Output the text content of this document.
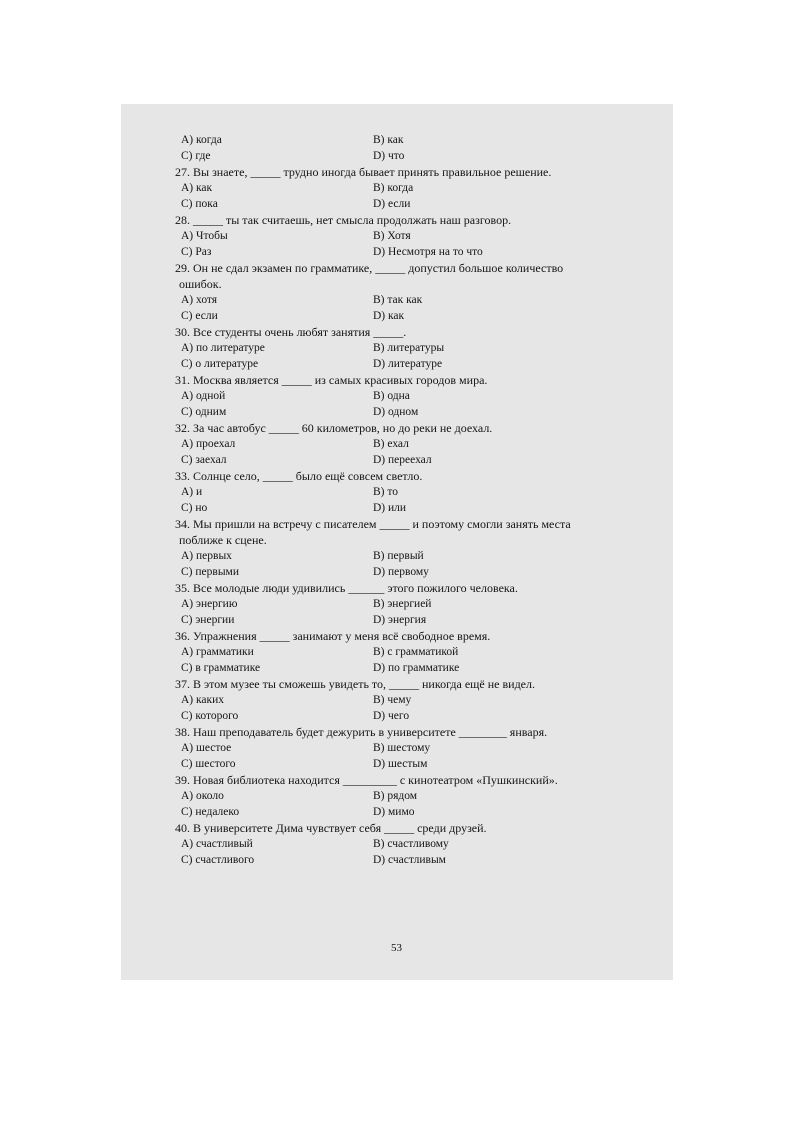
A) когда	B) как
C) где	D) что

27. Вы знаете, _____ трудно иногда бывает принять правильное решение.

A) как	B) когда
C) пока	D) если

28. _____ ты так считаешь, нет смысла продолжать наш разговор.

A) Чтобы	B) Хотя
C) Раз	D) Несмотря на то что

29. Он не сдал экзамен по грамматике, _____ допустил большое количество

ошибок.

A) хотя	B) так как
C) если	D) как

30. Все студенты очень любят занятия _____.

A) по литературе	B) литературы
C) о литературе	D) литературе

31. Москва является _____ из самых красивых городов мира.

A) одной	B) одна
C) одним	D) одном

32. За час автобус _____ 60 километров, но до реки не доехал.

A) проехал	B) ехал
C) заехал	D) переехал

33. Солнце село, _____ было ещё совсем светло.

A) и	B) то
C) но	D) или

34. Мы пришли на встречу с писателем _____ и поэтому смогли занять места

поближе к сцене.

A) первых	B) первый
C) первыми	D) первому

35. Все молодые люди удивились ______ этого пожилого человека.

A) энергию	B) энергией
C) энергии	D) энергия

36. Упражнения _____ занимают у меня всё свободное время.

A) грамматики	B) с грамматикой
C) в грамматике	D) по грамматике

37. В этом музее ты сможешь увидеть то, _____ никогда ещё не видел.

A) каких	B) чему
C) которого	D) чего

38. Наш преподаватель будет дежурить в университете ________ января.

A) шестое	B) шестому
C) шестого	D) шестым

39. Новая библиотека находится _________ с кинотеатром «Пушкинский».

A) около	B) рядом
C) недалеко	D) мимо

40. В университете Дима чувствует себя _____ среди друзей.

A) счастливый	B) счастливому
C) счастливого	D) счастливым
53
